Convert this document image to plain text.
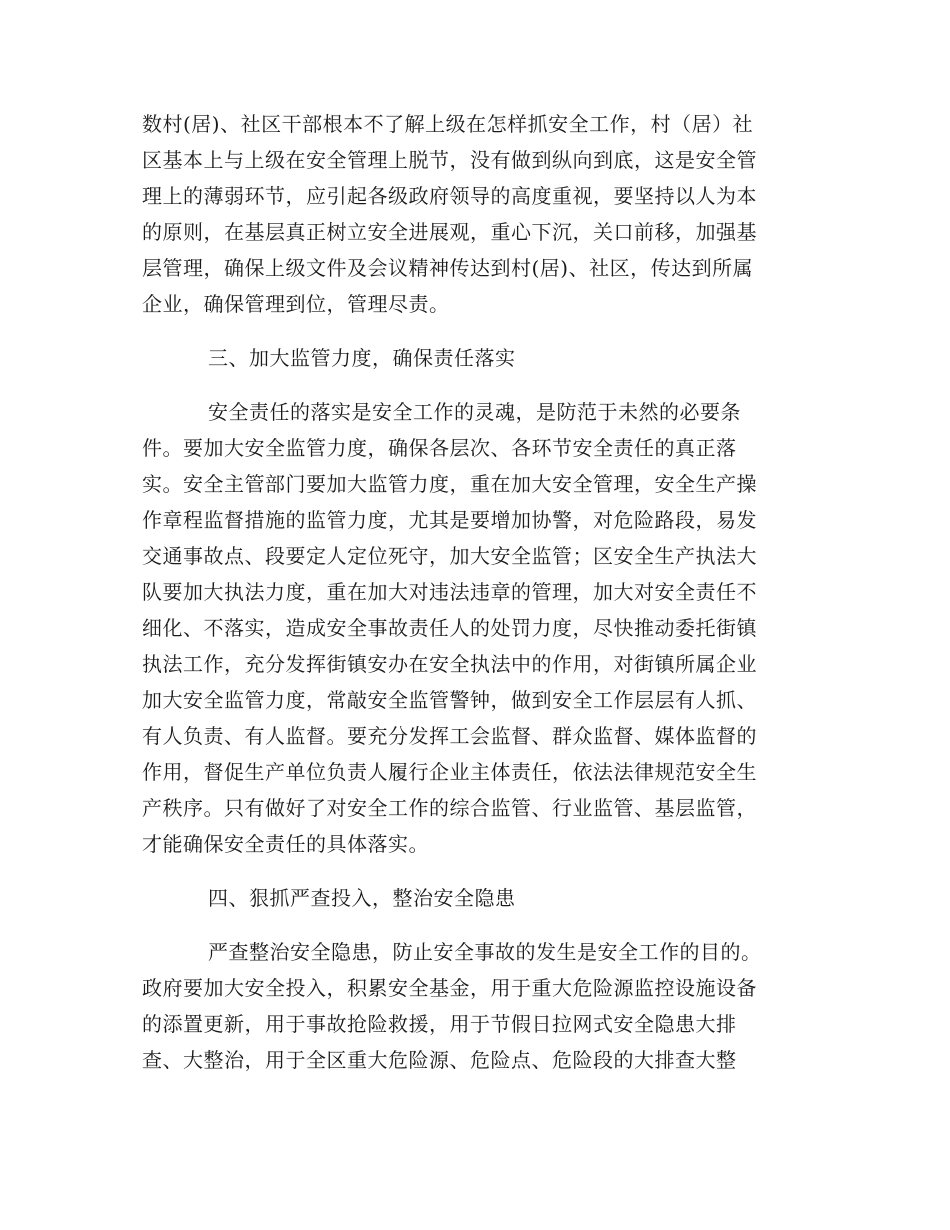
数村(居)、社区干部根本不了解上级在怎样抓安全工作，村（居）社
区基本上与上级在安全管理上脱节，没有做到纵向到底，这是安全管
理上的薄弱环节，应引起各级政府领导的高度重视，要坚持以人为本
的原则，在基层真正树立安全进展观，重心下沉，关口前移，加强基
层管理，确保上级文件及会议精神传达到村(居)、社区，传达到所属
企业，确保管理到位，管理尽责。
三、加大监管力度，确保责任落实
安全责任的落实是安全工作的灵魂，是防范于未然的必要条
件。要加大安全监管力度，确保各层次、各环节安全责任的真正落
实。安全主管部门要加大监管力度，重在加大安全管理，安全生产操
作章程监督措施的监管力度，尤其是要增加协警，对危险路段，易发
交通事故点、段要定人定位死守，加大安全监管；区安全生产执法大
队要加大执法力度，重在加大对违法违章的管理，加大对安全责任不
细化、不落实，造成安全事故责任人的处罚力度，尽快推动委托街镇
执法工作，充分发挥街镇安办在安全执法中的作用，对街镇所属企业
加大安全监管力度，常敲安全监管警钟，做到安全工作层层有人抓、
有人负责、有人监督。要充分发挥工会监督、群众监督、媒体监督的
作用，督促生产单位负责人履行企业主体责任，依法法律规范安全生
产秩序。只有做好了对安全工作的综合监管、行业监管、基层监管，
才能确保安全责任的具体落实。
四、狠抓严查投入，整治安全隐患
严查整治安全隐患，防止安全事故的发生是安全工作的目的。
政府要加大安全投入，积累安全基金，用于重大危险源监控设施设备
的添置更新，用于事故抢险救援，用于节假日拉网式安全隐患大排
查、大整治，用于全区重大危险源、危险点、危险段的大排查大整
